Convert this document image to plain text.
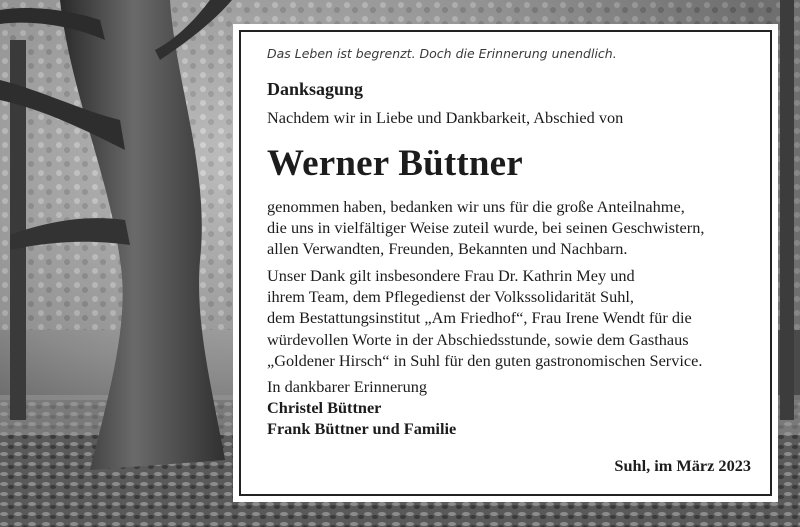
Das Leben ist begrenzt. Doch die Erinnerung unendlich.
Danksagung
Nachdem wir in Liebe und Dankbarkeit, Abschied von
Werner Büttner
genommen haben, bedanken wir uns für die große Anteilnahme,
die uns in vielfältiger Weise zuteil wurde, bei seinen Geschwistern,
allen Verwandten, Freunden, Bekannten und Nachbarn.
Unser Dank gilt insbesondere Frau Dr. Kathrin Mey und
ihrem Team, dem Pflegedienst der Volkssolidarität Suhl,
dem Bestattungsinstitut „Am Friedhof“, Frau Irene Wendt für die
würdevollen Worte in der Abschiedsstunde, sowie dem Gasthaus
„Goldener Hirsch“ in Suhl für den guten gastronomischen Service.
In dankbarer Erinnerung
Christel Büttner
Frank Büttner und Familie
Suhl, im März 2023
